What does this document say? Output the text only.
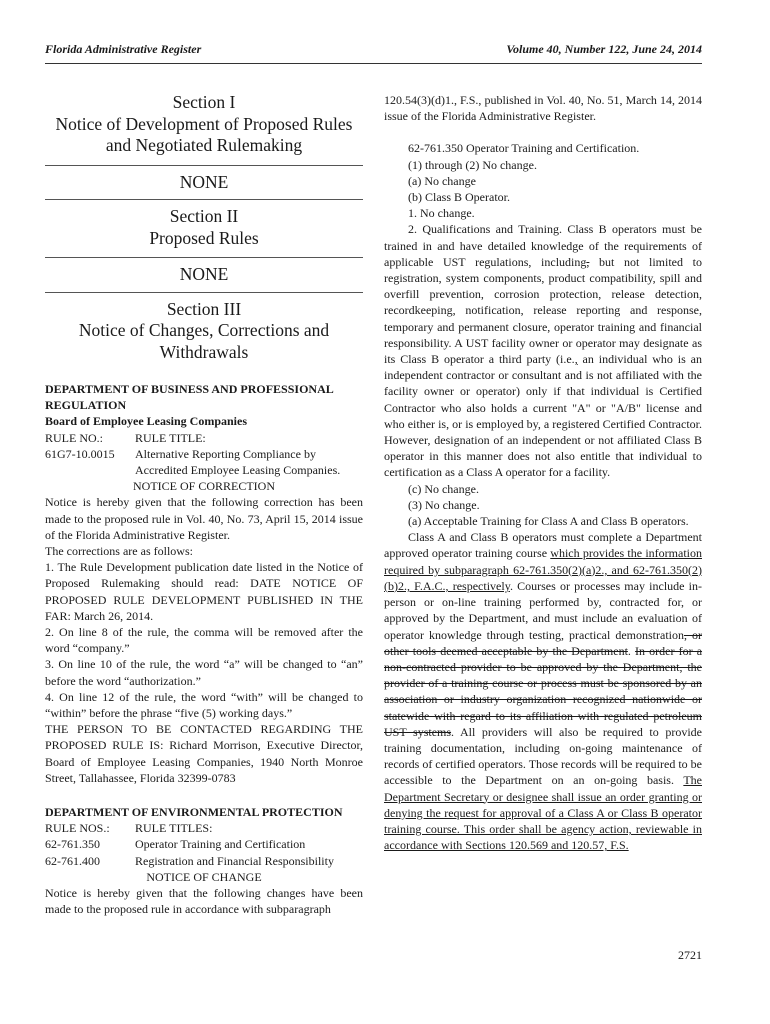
Florida Administrative Register	Volume 40, Number 122, June 24, 2014
Section I
Notice of Development of Proposed Rules
and Negotiated Rulemaking
NONE
Section II
Proposed Rules
NONE
Section III
Notice of Changes, Corrections and
Withdrawals
DEPARTMENT OF BUSINESS AND PROFESSIONAL
REGULATION
Board of Employee Leasing Companies
RULE NO.:	RULE TITLE:
61G7-10.0015	Alternative Reporting Compliance by
Accredited Employee Leasing Companies.
NOTICE OF CORRECTION
Notice is hereby given that the following correction has been made to the proposed rule in Vol. 40, No. 73, April 15, 2014 issue of the Florida Administrative Register.
The corrections are as follows:
1. The Rule Development publication date listed in the Notice of Proposed Rulemaking should read: DATE NOTICE OF PROPOSED RULE DEVELOPMENT PUBLISHED IN THE FAR: March 26, 2014.
2. On line 8 of the rule, the comma will be removed after the word “company.”
3. On line 10 of the rule, the word “a” will be changed to “an” before the word “authorization.”
4. On line 12 of the rule, the word “with” will be changed to “within” before the phrase “five (5) working days.”
THE PERSON TO BE CONTACTED REGARDING THE PROPOSED RULE IS: Richard Morrison, Executive Director, Board of Employee Leasing Companies, 1940 North Monroe Street, Tallahassee, Florida 32399-0783
DEPARTMENT OF ENVIRONMENTAL PROTECTION
RULE NOS.:	RULE TITLES:
62-761.350	Operator Training and Certification
62-761.400	Registration and Financial Responsibility
NOTICE OF CHANGE
Notice is hereby given that the following changes have been made to the proposed rule in accordance with subparagraph
120.54(3)(d)1., F.S., published in Vol. 40, No. 51, March 14, 2014 issue of the Florida Administrative Register.
62-761.350 Operator Training and Certification.
(1) through (2) No change.
(a) No change
(b) Class B Operator.
1. No change.
2. Qualifications and Training. Class B operators must be trained in and have detailed knowledge of the requirements of applicable UST regulations, including, but not limited to registration, system components, product compatibility, spill and overfill prevention, corrosion protection, release detection, recordkeeping, notification, release reporting and response, temporary and permanent closure, operator training and financial responsibility. A UST facility owner or operator may designate as its Class B operator a third party (i.e., an individual who is an independent contractor or consultant and is not affiliated with the facility owner or operator) only if that individual is Certified Contractor who also holds a current "A" or "A/B" license and who either is, or is employed by, a registered Certified Contractor. However, designation of an independent or not affiliated Class B operator in this manner does not also entitle that individual to certification as a Class A operator for a facility.
(c) No change.
(3) No change.
(a) Acceptable Training for Class A and Class B operators.
Class A and Class B operators must complete a Department approved operator training course which provides the information required by subparagraph 62-761.350(2)(a)2., and 62-761.350(2)(b)2., F.A.C., respectively. Courses or processes may include in-person or on-line training performed by, contracted for, or approved by the Department, and must include an evaluation of operator knowledge through testing, practical demonstration, or other tools deemed acceptable by the Department. In order for a non-contracted provider to be approved by the Department, the provider of a training course or process must be sponsored by an association or industry organization recognized nationwide or statewide with regard to its affiliation with regulated petroleum UST systems. All providers will also be required to provide training documentation, including on-going maintenance of records of certified operators. Those records will be required to be accessible to the Department on an on-going basis. The Department Secretary or designee shall issue an order granting or denying the request for approval of a Class A or Class B operator training course. This order shall be agency action, reviewable in accordance with Sections 120.569 and 120.57, F.S.
2721
